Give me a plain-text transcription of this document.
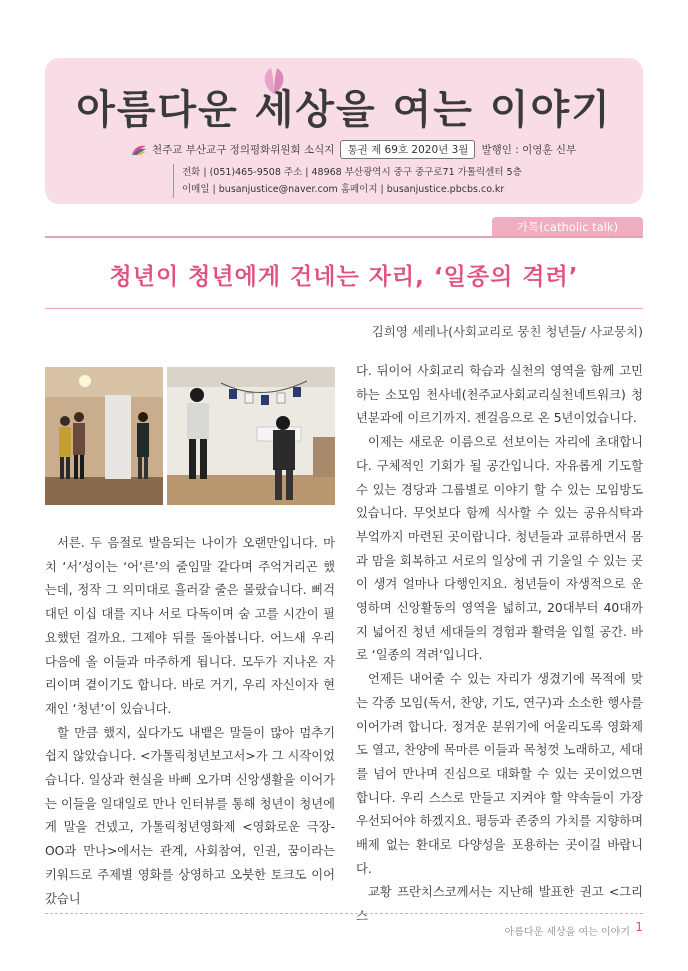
아름다운 세상을 여는 이야기
천주교 부산교구 정의평화위원회 소식지 통권 제 69호 2020년 3월 발행인 : 이영훈 신부
전화 | (051)465-9508 주소 | 48968 부산광역시 중구 중구로71 가톨릭센터 5층
이메일 | busanjustice@naver.com 홈페이지 | busanjustice.pbcbs.co.kr
가톡(catholic talk)
청년이 청년에게 건네는 자리, ‘일종의 격려’
김희영 세레나(사회교리로 뭉친 청년들/ 사교뭉치)

서른. 두 음절로 발음되는 나이가 오랜만입니다. 마치 ‘서’성이는 ‘어’른’의 줄임말 같다며 주억거리곤 했는데, 정작 그 의미대로 흘러갈 줄은 몰랐습니다. 삐걱대던 이십 대를 지나 서로 다독이며 숨 고를 시간이 필요했던 걸까요. 그제야 뒤를 돌아봅니다. 어느새 우리 다음에 올 이들과 마주하게 됩니다. 모두가 지나온 자리이며 곁이기도 합니다. 바로 거기, 우리 자신이자 현재인 ‘청년’이 있습니다.

할 만큼 했지, 싶다가도 내뱉은 말들이 많아 멈추기 쉽지 않았습니다. <가톨릭청년보고서>가 그 시작이었습니다. 일상과 현실을 바삐 오가며 신앙생활을 이어가는 이들을 일대일로 만나 인터뷰를 통해 청년이 청년에게 말을 건넸고, 가톨릭청년영화제 <영화로운 극장-OO과 만나>에서는 관계, 사회참여, 인권, 꿈이라는 키워드로 주제별 영화를 상영하고 오붓한 토크도 이어갔습니

다. 뒤이어 사회교리 학습과 실천의 영역을 함께 고민하는 소모임 천사네(천주교사회교리실천네트워크) 청년분과에 이르기까지. 젠걸음으로 온 5년이었습니다.

이제는 새로운 이름으로 선보이는 자리에 초대합니다. 구체적인 기회가 될 공간입니다. 자유롭게 기도할 수 있는 경당과 그룹별로 이야기 할 수 있는 모임방도 있습니다. 무엇보다 함께 식사할 수 있는 공유식탁과 부엌까지 마련된 곳이랍니다. 청년들과 교류하면서 몸과 맘을 회복하고 서로의 일상에 귀 기울일 수 있는 곳이 생겨 얼마나 다행인지요. 청년들이 자생적으로 운영하며 신앙활동의 영역을 넓히고, 20대부터 40대까지 넓어진 청년 세대들의 경험과 활력을 입힐 공간. 바로 ‘일종의 격려’입니다.

언제든 내어줄 수 있는 자리가 생겼기에 목적에 맞는 각종 모임(독서, 찬양, 기도, 연구)과 소소한 행사를 이어가려 합니다. 정겨운 분위기에 어울리도록 영화제도 열고, 찬양에 목마른 이들과 목청껏 노래하고, 세대를 넘어 만나며 진심으로 대화할 수 있는 곳이었으면 합니다. 우리 스스로 만들고 지켜야 할 약속들이 가장 우선되어야 하겠지요. 평등과 존중의 가치를 지향하며 배제 없는 환대로 다양성을 포용하는 곳이길 바랍니다.

교황 프란치스코께서는 지난해 발표한 권고 <그리스

아름다운 세상을 여는 이야기 1
